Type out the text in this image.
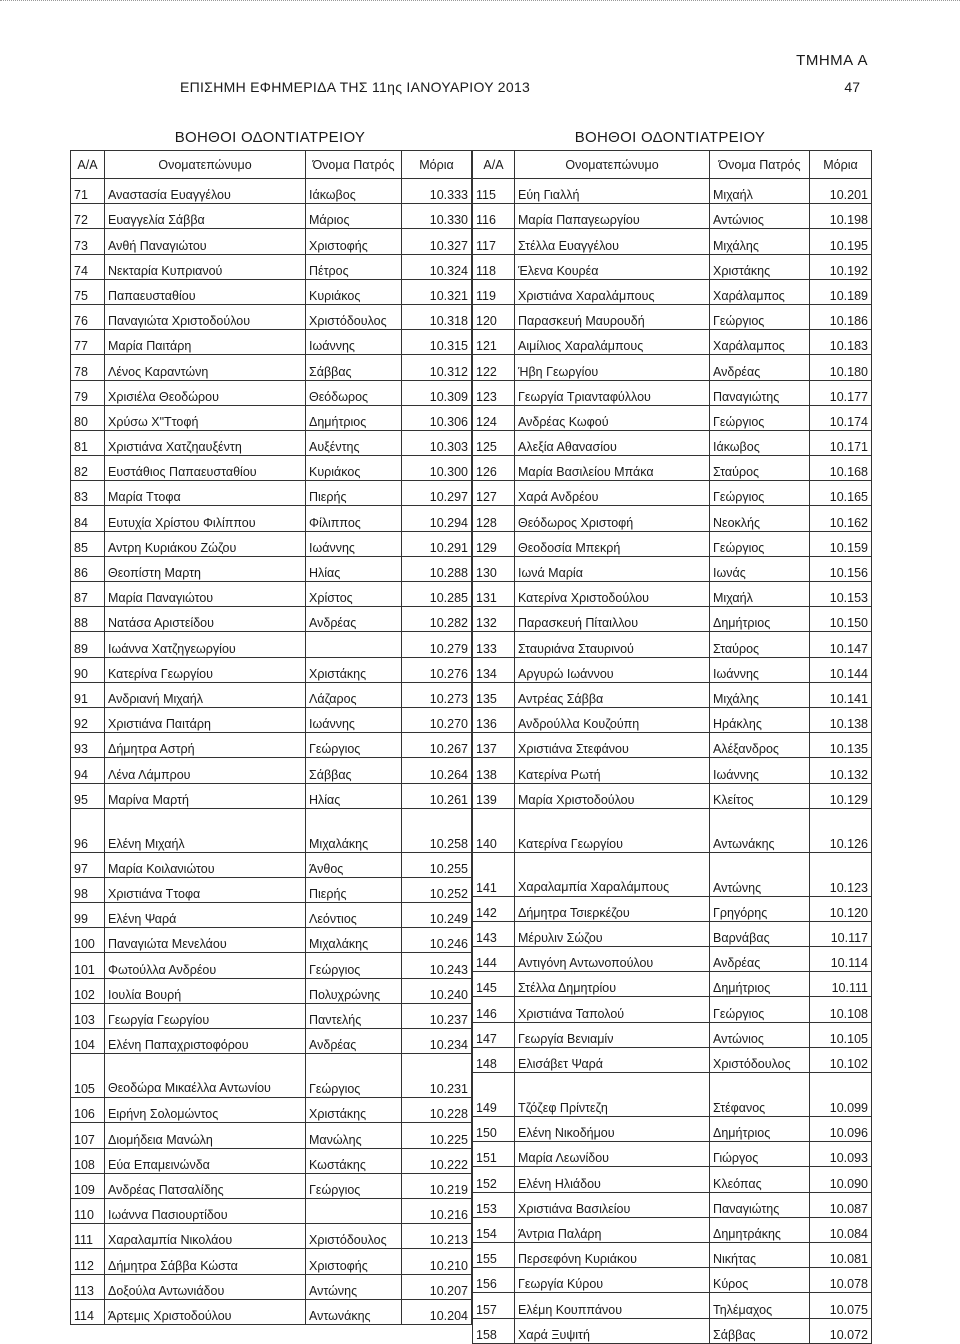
ΤΜΗΜΑ A
ΕΠΙΣΗΜΗ ΕΦΗΜΕΡΙΔΑ ΤΗΣ 11ης ΙΑΝΟΥΑΡΙΟΥ 2013	47
ΒΟΗΘΟΙ ΟΔΟΝΤΙΑΤΡΕΙΟΥ	ΒΟΗΘΟΙ ΟΔΟΝΤΙΑΤΡΕΙΟΥ
A/A	Ονοματεπώνυμο	Όνομα Πατρός	Μόρια
71	Αναστασία Ευαγγέλου	Ιάκωβος	10.333
72	Ευαγγελία Σάββα	Μάριος	10.330
73	Ανθή Παναγιώτου	Χριστοφής	10.327
74	Νεκταρία Κυπριανού	Πέτρος	10.324
75	Παπαευσταθίου	Κυριάκος	10.321
76	Παναγιώτα Χριστοδούλου	Χριστόδουλος	10.318
77	Μαρία Παιτάρη	Ιωάννης	10.315
78	Λένος Καραντώνη	Σάββας	10.312
79	Χρισιέλα Θεοδώρου	Θεόδωρος	10.309
80	Χρύσω Χ"Ττοφή	Δημήτριος	10.306
81	Χριστιάνα Χατζηαυξέντη	Αυξέντης	10.303
82	Ευστάθιος Παπαευσταθίου	Κυριάκος	10.300
83	Μαρία Ττοφα	Πιερής	10.297
84	Ευτυχία Χρίστου Φιλίππου	Φίλιππος	10.294
85	Αντρη Κυριάκου Ζώζου	Ιωάννης	10.291
86	Θεοπίστη Μαρτη	Ηλίας	10.288
87	Μαρία Παναγιώτου	Χρίστος	10.285
88	Νατάσα Αριστείδου	Ανδρέας	10.282
89	Ιωάννα Χατζηγεωργίου		10.279
90	Κατερίνα Γεωργίου	Χριστάκης	10.276
91	Ανδριανή Μιχαήλ	Λάζαρος	10.273
92	Χριστιάνα Παιτάρη	Ιωάννης	10.270
93	Δήμητρα Αστρή	Γεώργιος	10.267
94	Λένα Λάμπρου	Σάββας	10.264
95	Μαρίνα Μαρτή	Ηλίας	10.261
96	Ελένη Μιχαήλ	Μιχαλάκης	10.258
97	Μαρία Κοιλανιώτου	Άνθος	10.255
98	Χριστιάνα Ττοφα	Πιερής	10.252
99	Ελένη Ψαρά	Λεόντιος	10.249
100	Παναγιώτα Μενελάου	Μιχαλάκης	10.246
101	Φωτούλλα Ανδρέου	Γεώργιος	10.243
102	Ιουλία Βουρή	Πολυχρώνης	10.240
103	Γεωργία Γεωργίου	Παντελής	10.237
104	Ελένη Παπαχριστοφόρου	Ανδρέας	10.234
105	Θεοδώρα Μικαέλλα Αντωνίου	Γεώργιος	10.231
106	Ειρήνη Σολομώντος	Χριστάκης	10.228
107	Διομήδεια Μανώλη	Μανώλης	10.225
108	Εύα Επαμεινώνδα	Κωστάκης	10.222
109	Ανδρέας Πατσαλίδης	Γεώργιος	10.219
110	Ιωάννα Πασιουρτίδου		10.216
111	Χαραλαμπία Νικολάου	Χριστόδουλος	10.213
112	Δήμητρα Σάββα Κώστα	Χριστοφής	10.210
113	Δοξούλα Αντωνιάδου	Αντώνης	10.207
114	Άρτεμις Χριστοδούλου	Αντωνάκης	10.204
A/A	Ονοματεπώνυμο	Όνομα Πατρός	Μόρια
115	Εύη Γιαλλή	Μιχαήλ	10.201
116	Μαρία Παπαγεωργίου	Αντώνιος	10.198
117	Στέλλα Ευαγγέλου	Μιχάλης	10.195
118	Έλενα Κουρέα	Χριστάκης	10.192
119	Χριστιάνα Χαραλάμπους	Χαράλαμπος	10.189
120	Παρασκευή Μαυρουδή	Γεώργιος	10.186
121	Αιμίλιος Χαραλάμπους	Χαράλαμπος	10.183
122	Ήβη Γεωργίου	Ανδρέας	10.180
123	Γεωργία Τριανταφύλλου	Παναγιώτης	10.177
124	Ανδρέας Κωφού	Γεώργιος	10.174
125	Αλεξία Αθανασίου	Ιάκωβος	10.171
126	Μαρία Βασιλείου Μπάκα	Σταύρος	10.168
127	Χαρά Ανδρέου	Γεώργιος	10.165
128	Θεόδωρος Χριστοφή	Νεοκλής	10.162
129	Θεοδοσία Μπεκρή	Γεώργιος	10.159
130	Ιωνά Μαρία	Ιωνάς	10.156
131	Κατερίνα Χριστοδούλου	Μιχαήλ	10.153
132	Παρασκευή Πίταιλλου	Δημήτριος	10.150
133	Σταυριάνα Σταυρινού	Σταύρος	10.147
134	Αργυρώ Ιωάννου	Ιωάννης	10.144
135	Αντρέας Σάββα	Μιχάλης	10.141
136	Ανδρούλλα Κουζούπη	Ηράκλης	10.138
137	Χριστιάνα Στεφάνου	Αλέξανδρος	10.135
138	Κατερίνα Ρωτή	Ιωάννης	10.132
139	Μαρία Χριστοδούλου	Κλείτος	10.129
140	Κατερίνα Γεωργίου	Αντωνάκης	10.126
141	Χαραλαμπία Χαραλάμπους	Αντώνης	10.123
142	Δήμητρα Τσιερκέζου	Γρηγόρης	10.120
143	Μέρυλιν Σώζου	Βαρνάβας	10.117
144	Αντιγόνη Αντωνοπούλου	Ανδρέας	10.114
145	Στέλλα Δημητρίου	Δημήτριος	10.111
146	Χριστιάνα Ταπολού	Γεώργιος	10.108
147	Γεωργία Βενιαμίν	Αντώνιος	10.105
148	Ελισάβετ Ψαρά	Χριστόδουλος	10.102
149	Τζόζεφ Πρίντεζη	Στέφανος	10.099
150	Ελένη Νικοδήμου	Δημήτριος	10.096
151	Μαρία Λεωνίδου	Γιώργος	10.093
152	Ελένη Ηλιάδου	Κλεόπας	10.090
153	Χριστιάνα Βασιλείου	Παναγιώτης	10.087
154	Άντρια Παλάρη	Δημητράκης	10.084
155	Περσεφόνη Κυριάκου	Νικήτας	10.081
156	Γεωργία Κύρου	Κύρος	10.078
157	Ελέμη Κουππάνου	Τηλέμαχος	10.075
158	Χαρά Ξυψιτή	Σάββας	10.072
